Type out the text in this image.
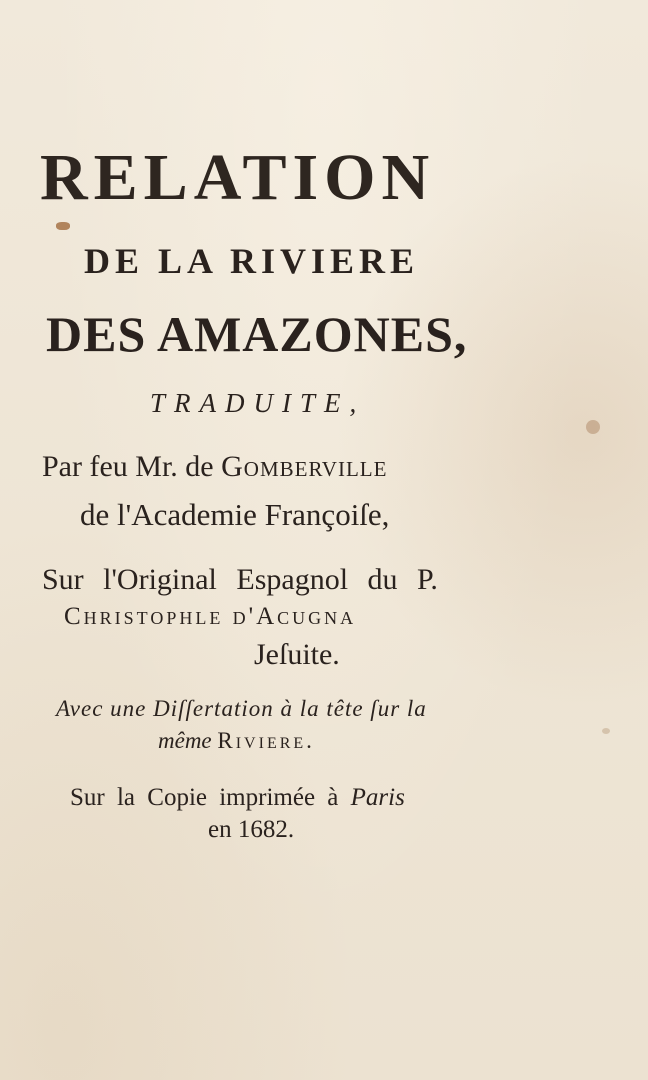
RELATION
DE LA RIVIERE
DES AMAZONES,
TRADUITE,
Par feu Mr. de Gomberville
de l'Academie Françoiſe,
Sur l'Original Espagnol du P.
Christophle d'Acugna
Jeſuite.
Avec une Diſſertation à la tête ſur la
même Riviere.
Sur la Copie imprimée à Paris
en 1682.
